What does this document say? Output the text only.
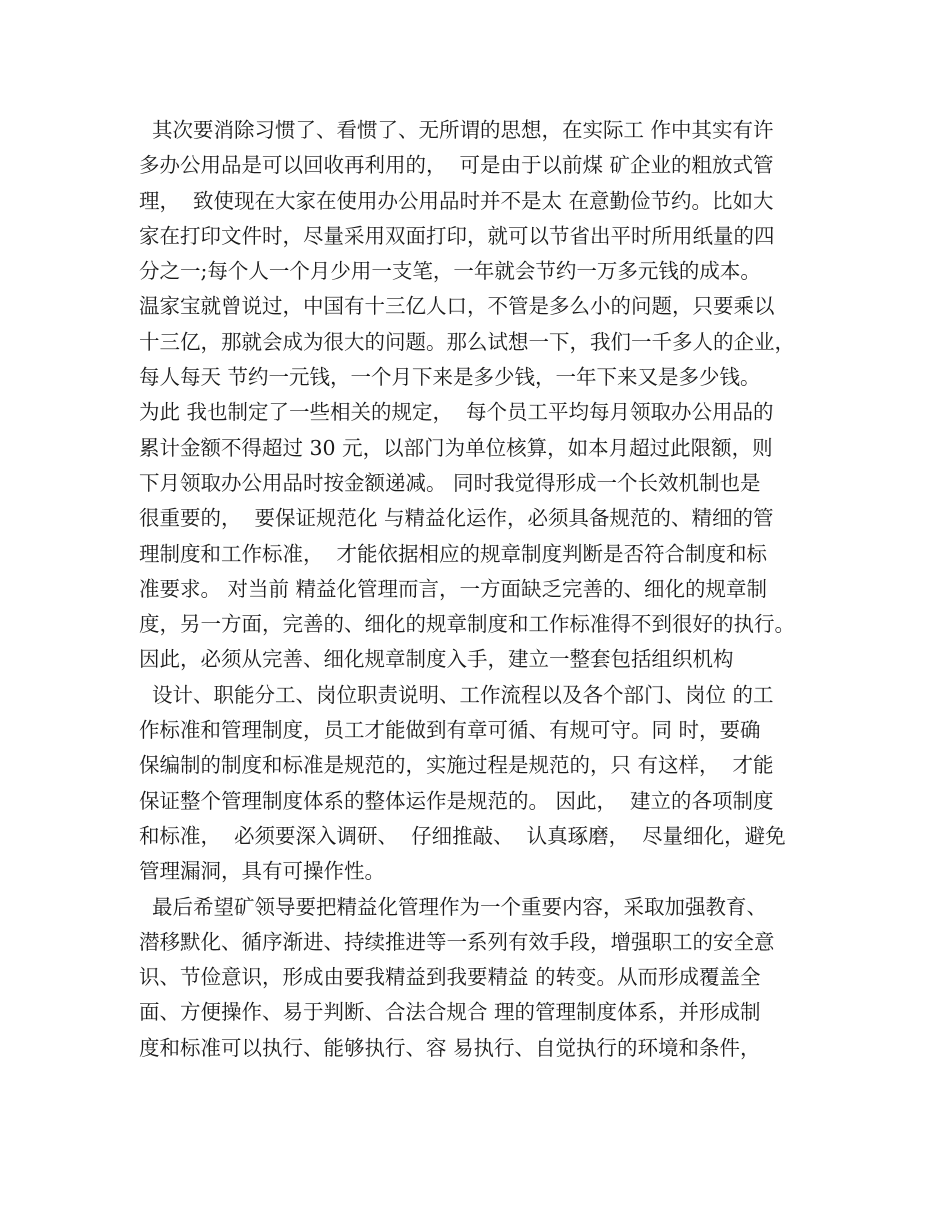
其次要消除习惯了、看惯了、无所谓的思想，在实际工 作中其实有许
多办公用品是可以回收再利用的，  可是由于以前煤 矿企业的粗放式管
理，  致使现在大家在使用办公用品时并不是太 在意勤俭节约。比如大
家在打印文件时，尽量采用双面打印，就可以节省出平时所用纸量的四
分之一;每个人一个月少用一支笔，一年就会节约一万多元钱的成本。
温家宝就曾说过，中国有十三亿人口，不管是多么小的问题，只要乘以
十三亿，那就会成为很大的问题。那么试想一下，我们一千多人的企业，
每人每天 节约一元钱，一个月下来是多少钱，一年下来又是多少钱。
为此 我也制定了一些相关的规定，  每个员工平均每月领取办公用品的
累计金额不得超过 30 元，以部门为单位核算，如本月超过此限额，则
下月领取办公用品时按金额递减。 同时我觉得形成一个长效机制也是
很重要的，  要保证规范化 与精益化运作，必须具备规范的、精细的管
理制度和工作标准，  才能依据相应的规章制度判断是否符合制度和标
准要求。 对当前 精益化管理而言，一方面缺乏完善的、细化的规章制
度，另一方面，完善的、细化的规章制度和工作标准得不到很好的执行。
因此，必须从完善、细化规章制度入手，建立一整套包括组织机构
设计、职能分工、岗位职责说明、工作流程以及各个部门、岗位 的工
作标准和管理制度，员工才能做到有章可循、有规可守。同 时，要确
保编制的制度和标准是规范的，实施过程是规范的，只 有这样，  才能
保证整个管理制度体系的整体运作是规范的。 因此，  建立的各项制度
和标准，  必须要深入调研、  仔细推敲、  认真琢磨，  尽量细化，避免
管理漏洞，具有可操作性。
最后希望矿领导要把精益化管理作为一个重要内容，采取加强教育、
潜移默化、循序渐进、持续推进等一系列有效手段，增强职工的安全意
识、节俭意识，形成由要我精益到我要精益 的转变。从而形成覆盖全
面、方便操作、易于判断、合法合规合 理的管理制度体系，并形成制
度和标准可以执行、能够执行、容 易执行、自觉执行的环境和条件，
